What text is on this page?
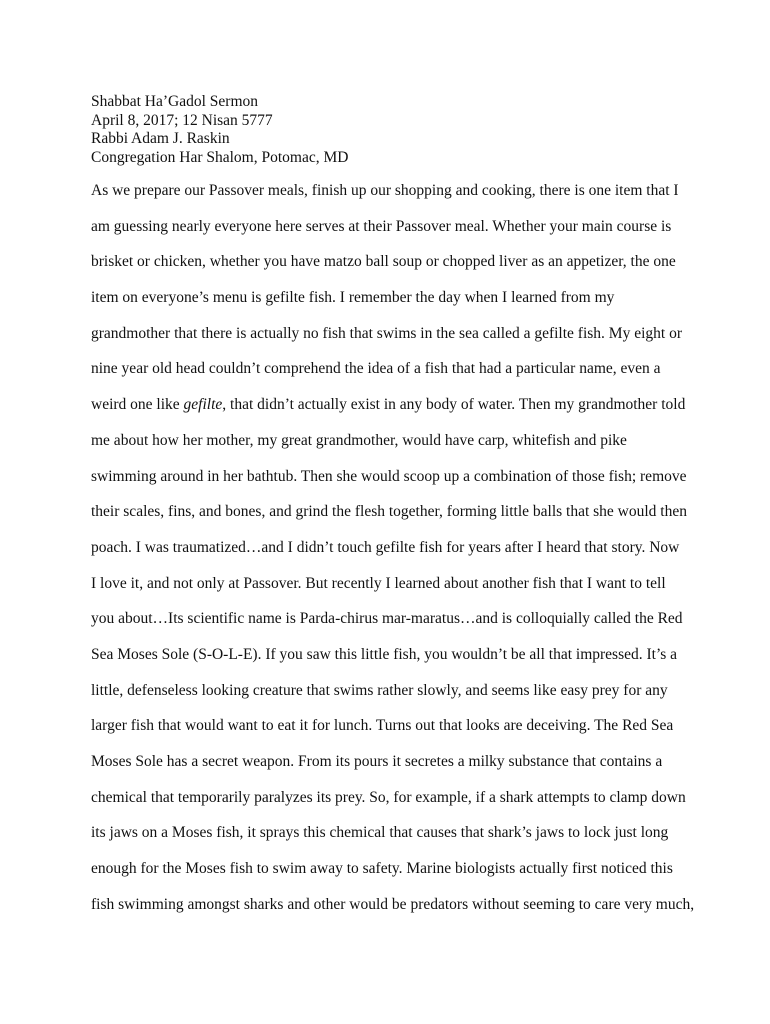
Shabbat Ha’Gadol Sermon
April 8, 2017; 12 Nisan 5777
Rabbi Adam J. Raskin
Congregation Har Shalom, Potomac, MD
As we prepare our Passover meals, finish up our shopping and cooking, there is one item that I
am guessing nearly everyone here serves at their Passover meal. Whether your main course is
brisket or chicken, whether you have matzo ball soup or chopped liver as an appetizer, the one
item on everyone’s menu is gefilte fish. I remember the day when I learned from my
grandmother that there is actually no fish that swims in the sea called a gefilte fish. My eight or
nine year old head couldn’t comprehend the idea of a fish that had a particular name, even a
weird one like gefilte, that didn’t actually exist in any body of water. Then my grandmother told
me about how her mother, my great grandmother, would have carp, whitefish and pike
swimming around in her bathtub. Then she would scoop up a combination of those fish; remove
their scales, fins, and bones, and grind the flesh together, forming little balls that she would then
poach. I was traumatized…and I didn’t touch gefilte fish for years after I heard that story. Now
I love it, and not only at Passover. But recently I learned about another fish that I want to tell
you about…Its scientific name is Parda-chirus mar-maratus…and is colloquially called the Red
Sea Moses Sole (S-O-L-E). If you saw this little fish, you wouldn’t be all that impressed. It’s a
little, defenseless looking creature that swims rather slowly, and seems like easy prey for any
larger fish that would want to eat it for lunch. Turns out that looks are deceiving. The Red Sea
Moses Sole has a secret weapon. From its pours it secretes a milky substance that contains a
chemical that temporarily paralyzes its prey. So, for example, if a shark attempts to clamp down
its jaws on a Moses fish, it sprays this chemical that causes that shark’s jaws to lock just long
enough for the Moses fish to swim away to safety. Marine biologists actually first noticed this
fish swimming amongst sharks and other would be predators without seeming to care very much,
